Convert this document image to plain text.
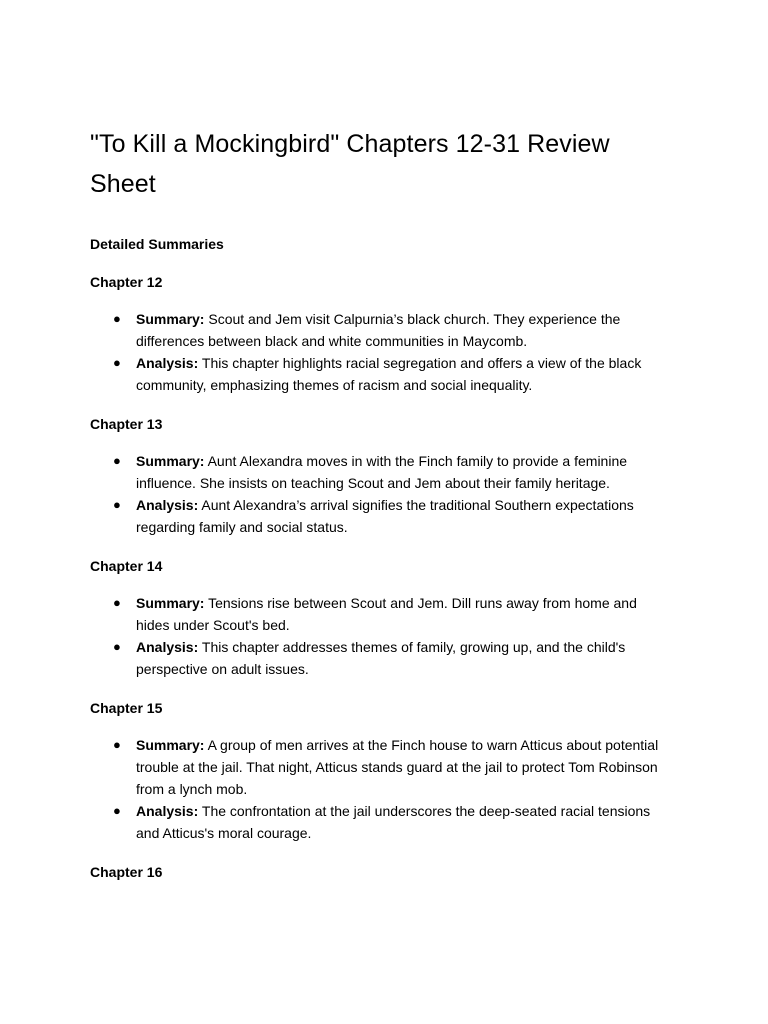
"To Kill a Mockingbird" Chapters 12-31 Review Sheet
Detailed Summaries
Chapter 12
● Summary: Scout and Jem visit Calpurnia’s black church. They experience the differences between black and white communities in Maycomb.
● Analysis: This chapter highlights racial segregation and offers a view of the black community, emphasizing themes of racism and social inequality.
Chapter 13
● Summary: Aunt Alexandra moves in with the Finch family to provide a feminine influence. She insists on teaching Scout and Jem about their family heritage.
● Analysis: Aunt Alexandra’s arrival signifies the traditional Southern expectations regarding family and social status.
Chapter 14
● Summary: Tensions rise between Scout and Jem. Dill runs away from home and hides under Scout's bed.
● Analysis: This chapter addresses themes of family, growing up, and the child's perspective on adult issues.
Chapter 15
● Summary: A group of men arrives at the Finch house to warn Atticus about potential trouble at the jail. That night, Atticus stands guard at the jail to protect Tom Robinson from a lynch mob.
● Analysis: The confrontation at the jail underscores the deep-seated racial tensions and Atticus's moral courage.
Chapter 16
